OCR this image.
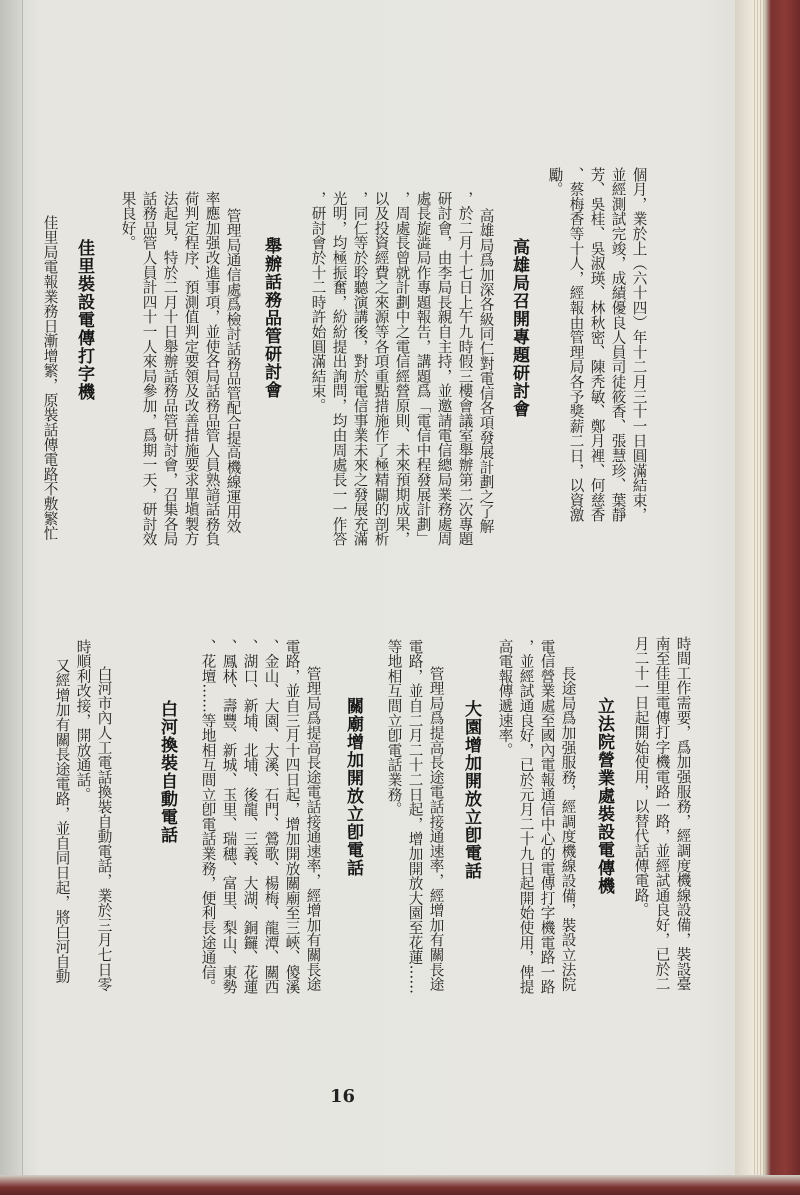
個月，業於上（六十四）年十二月三十一日圓滿結束，
並經測試完竣，成績優良人員司徒筱香、張慧珍、葉靜
芳、吳桂、吳淑瑛、林秋密、陳秃敏、鄭月裡、何慈香
、蔡梅香等十人，經報由管理局各予獎薪二日，以資激
勵。
高雄局召開專題研討會
高雄局爲加深各級同仁對電信各項發展計劃之了解
，於二月十七日上午九時假三樓會議室舉辦第二次專題
研討會，由李局長親自主持，並邀請電信總局業務處周
處長旋澁局作專題報告，講題爲「電信中程發展計劃」
，周處長曾就計劃中之電信經營原則、未來預期成果，
以及投資經費之來源等各項重點措施作了極精闢的剖析
，同仁等於聆聽演講後，對於電信事業未來之發展充滿
光明，均極振奮，紛紛提出詢問，均由周處長一一作答
，研討會於十二時許始圓滿結束。
舉辦話務品管研討會
管理局通信處爲檢討話務品管配合提高機線運用效
率應加强改進事項，並使各局話務品管人員熟諳話務負
荷判定程序、預測值判定要領及改善措施要求單塡製方
法起見，特於二月十日舉辦話務品管研討會，召集各局
話務品管人員計四十一人來局參加，爲期一天，研討效
果良好。
佳里裝設電傳打字機
佳里局電報業務日漸增繁，原裝話傳電路不敷繁忙
時間工作需要，爲加强服務，經調度機線設備，裝設臺
南至佳里電傳打字機電路一路，並經試通良好，已於二
月二十一日起開始使用，以替代話傳電路。
立法院營業處裝設電傳機
長途局爲加强服務，經調度機線設備，裝設立法院
電信營業處至國內電報通信中心的電傳打字機電路一路
，並經試通良好，已於元月二十九日起開始使用，俾提
高電報傳遞速率。
大園增加開放立卽電話
管理局爲提高長途電話接通速率，經增加有關長途
電路，並自二月二十二日起，增加開放大園至花蓮……
等地相互間立卽電話業務。
關廟增加開放立卽電話
管理局爲提高長途電話接通速率，經增加有關長途
電路，並自三月十四日起，增加開放關廟至三峽、傻溪
、金山、大園、大溪、石門、鶯歌、楊梅、龍潭、關西
、湖口、新埔、北埔、後龍、三義、大湖、銅鑼、花蓮
、鳳林、壽豐、新城、玉里、瑞穗、富里、梨山、東勢
、花壇……等地相互間立卽電話業務，便利長途通信。
白河換裝自動電話
白河市內人工電話換裝自動電話，業於三月七日零
時順利改接，開放通話。
又經增加有關長途電路，並自同日起，將白河自動
16
